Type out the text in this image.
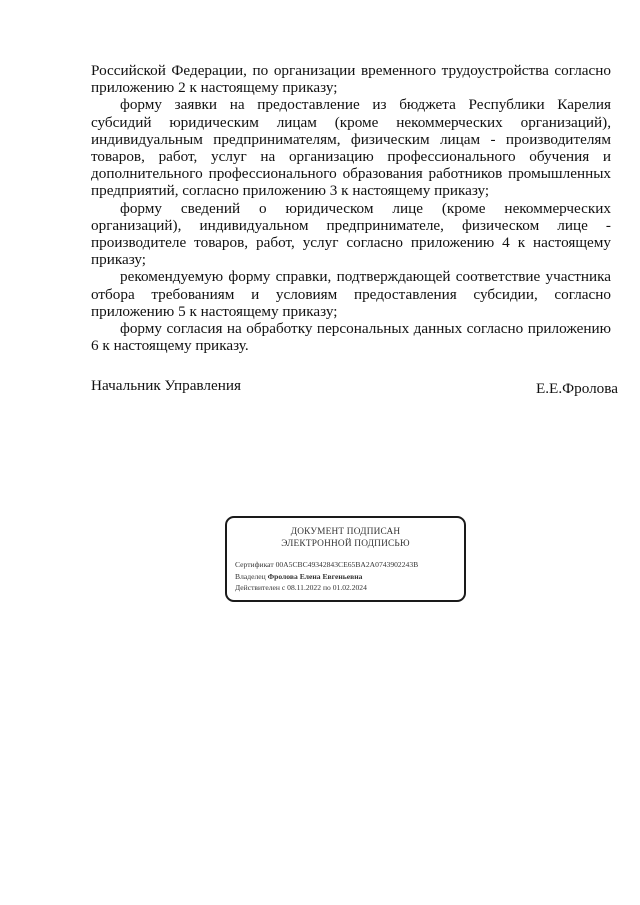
Российской Федерации, по организации временного трудоустройства согласно приложению 2 к настоящему приказу;

форму заявки на предоставление из бюджета Республики Карелия субсидий юридическим лицам (кроме некоммерческих организаций), индивидуальным предпринимателям, физическим лицам - производителям товаров, работ, услуг на организацию профессионального обучения и дополнительного профессионального образования работников промышленных предприятий, согласно приложению 3 к настоящему приказу;

форму сведений о юридическом лице (кроме некоммерческих организаций), индивидуальном предпринимателе, физическом лице - производителе товаров, работ, услуг согласно приложению 4 к настоящему приказу;

рекомендуемую форму справки, подтверждающей соответствие участника отбора требованиям и условиям предоставления субсидии, согласно приложению 5 к настоящему приказу;

форму согласия на обработку персональных данных согласно приложению 6 к настоящему приказу.

Начальник Управления	Е.Е.Фролова
ДОКУМЕНТ ПОДПИСАН
ЭЛЕКТРОННОЙ ПОДПИСЬЮ
Сертификат 00A5CBC49342843CE65BA2A0743902243B
Владелец Фролова Елена Евгеньевна
Действителен с 08.11.2022 по 01.02.2024
